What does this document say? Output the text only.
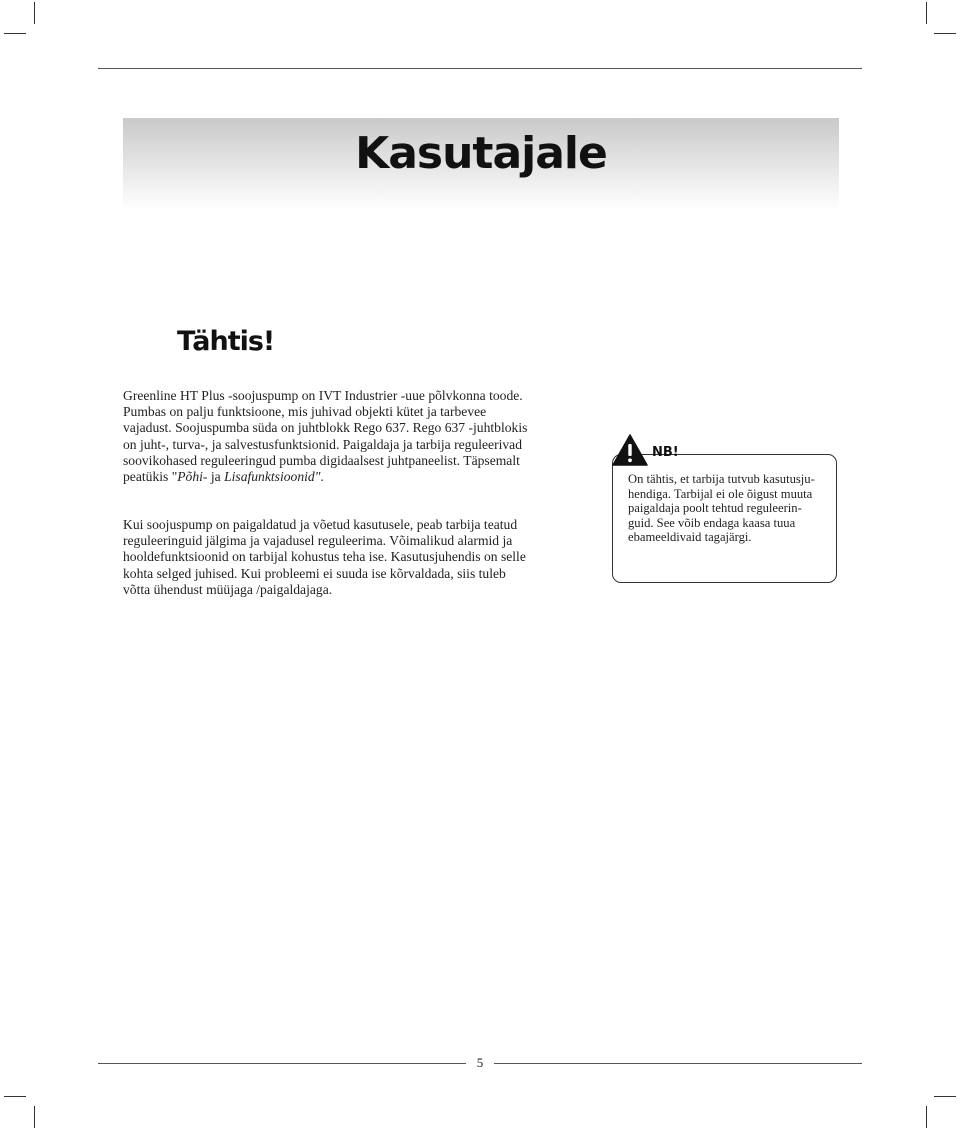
Kasutajale
Tähtis!

Greenline HT Plus -soojuspump on IVT Industrier -uue põlvkonna toode.
Pumbas on palju funktsioone, mis juhivad objekti kütet ja tarbevee
vajadust. Soojuspumba süda on juhtblokk Rego 637. Rego 637 -juhtblokis
on juht-, turva-, ja salvestusfunktsionid. Paigaldaja ja tarbija reguleerivad
soovikohased reguleeringud pumba digidaalsest juhtpaneelist. Täpsemalt
peatükis "Põhi- ja Lisafunktsioonid".

Kui soojuspump on paigaldatud ja võetud kasutusele, peab tarbija teatud
reguleeringuid jälgima ja vajadusel reguleerima. Võimalikud alarmid ja
hooldefunktsioonid on tarbijal kohustus teha ise. Kasutusjuhendis on selle
kohta selged juhised. Kui probleemi ei suuda ise kõrvaldada, siis tuleb
võtta ühendust müüjaga /paigaldajaga.

NB!

On tähtis, et tarbija tutvub kasutusju-
hendiga. Tarbijal ei ole õigust muuta
paigaldaja poolt tehtud reguleerin-
guid. See võib endaga kaasa tuua
ebameeldivaid tagajärgi.

5
